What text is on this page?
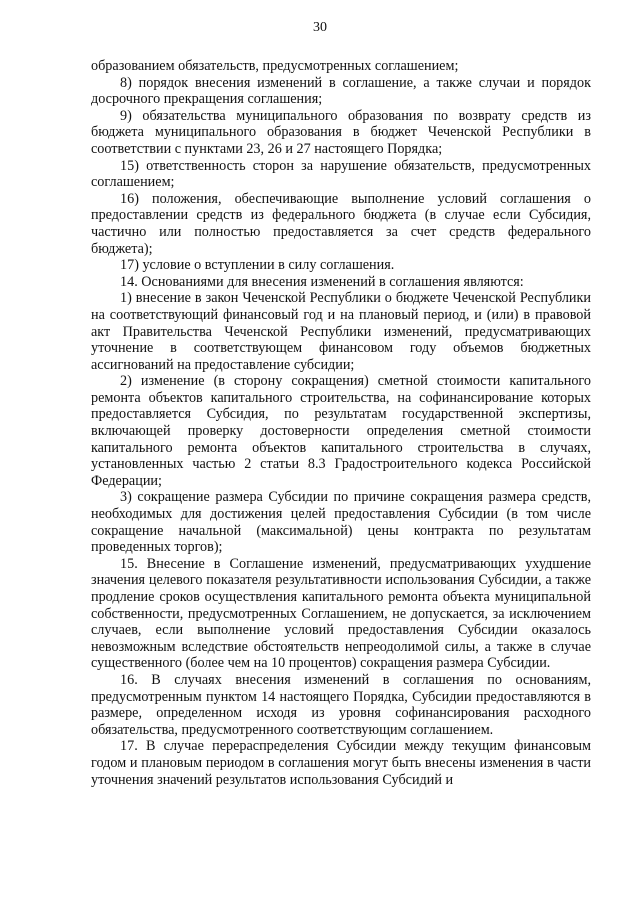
30

образованием обязательств, предусмотренных соглашением;

8) порядок внесения изменений в соглашение, а также случаи и порядок досрочного прекращения соглашения;

9) обязательства муниципального образования по возврату средств из бюджета муниципального образования в бюджет Чеченской Республики в соответствии с пунктами 23, 26 и 27 настоящего Порядка;

15) ответственность сторон за нарушение обязательств, предусмотренных соглашением;

16) положения, обеспечивающие выполнение условий соглашения о предоставлении средств из федерального бюджета (в случае если Субсидия, частично или полностью предоставляется за счет средств федерального бюджета);

17) условие о вступлении в силу соглашения.

14. Основаниями для внесения изменений в соглашения являются:

1) внесение в закон Чеченской Республики о бюджете Чеченской Республики на соответствующий финансовый год и на плановый период, и (или) в правовой акт Правительства Чеченской Республики изменений, предусматривающих уточнение в соответствующем финансовом году объемов бюджетных ассигнований на предоставление субсидии;

2) изменение (в сторону сокращения) сметной стоимости капитального ремонта объектов капитального строительства, на софинансирование которых предоставляется Субсидия, по результатам государственной экспертизы, включающей проверку достоверности определения сметной стоимости капитального ремонта объектов капитального строительства в случаях, установленных частью 2 статьи 8.3 Градостроительного кодекса Российской Федерации;

3) сокращение размера Субсидии по причине сокращения размера средств, необходимых для достижения целей предоставления Субсидии (в том числе сокращение начальной (максимальной) цены контракта по результатам проведенных торгов);

15. Внесение в Соглашение изменений, предусматривающих ухудшение значения целевого показателя результативности использования Субсидии, а также продление сроков осуществления капитального ремонта объекта муниципальной собственности, предусмотренных Соглашением, не допускается, за исключением случаев, если выполнение условий предоставления Субсидии оказалось невозможным вследствие обстоятельств непреодолимой силы, а также в случае существенного (более чем на 10 процентов) сокращения размера Субсидии.

16. В случаях внесения изменений в соглашения по основаниям, предусмотренным пунктом 14 настоящего Порядка, Субсидии предоставляются в размере, определенном исходя из уровня софинансирования расходного обязательства, предусмотренного соответствующим соглашением.

17. В случае перераспределения Субсидии между текущим финансовым годом и плановым периодом в соглашения могут быть внесены изменения в части уточнения значений результатов использования Субсидий и
